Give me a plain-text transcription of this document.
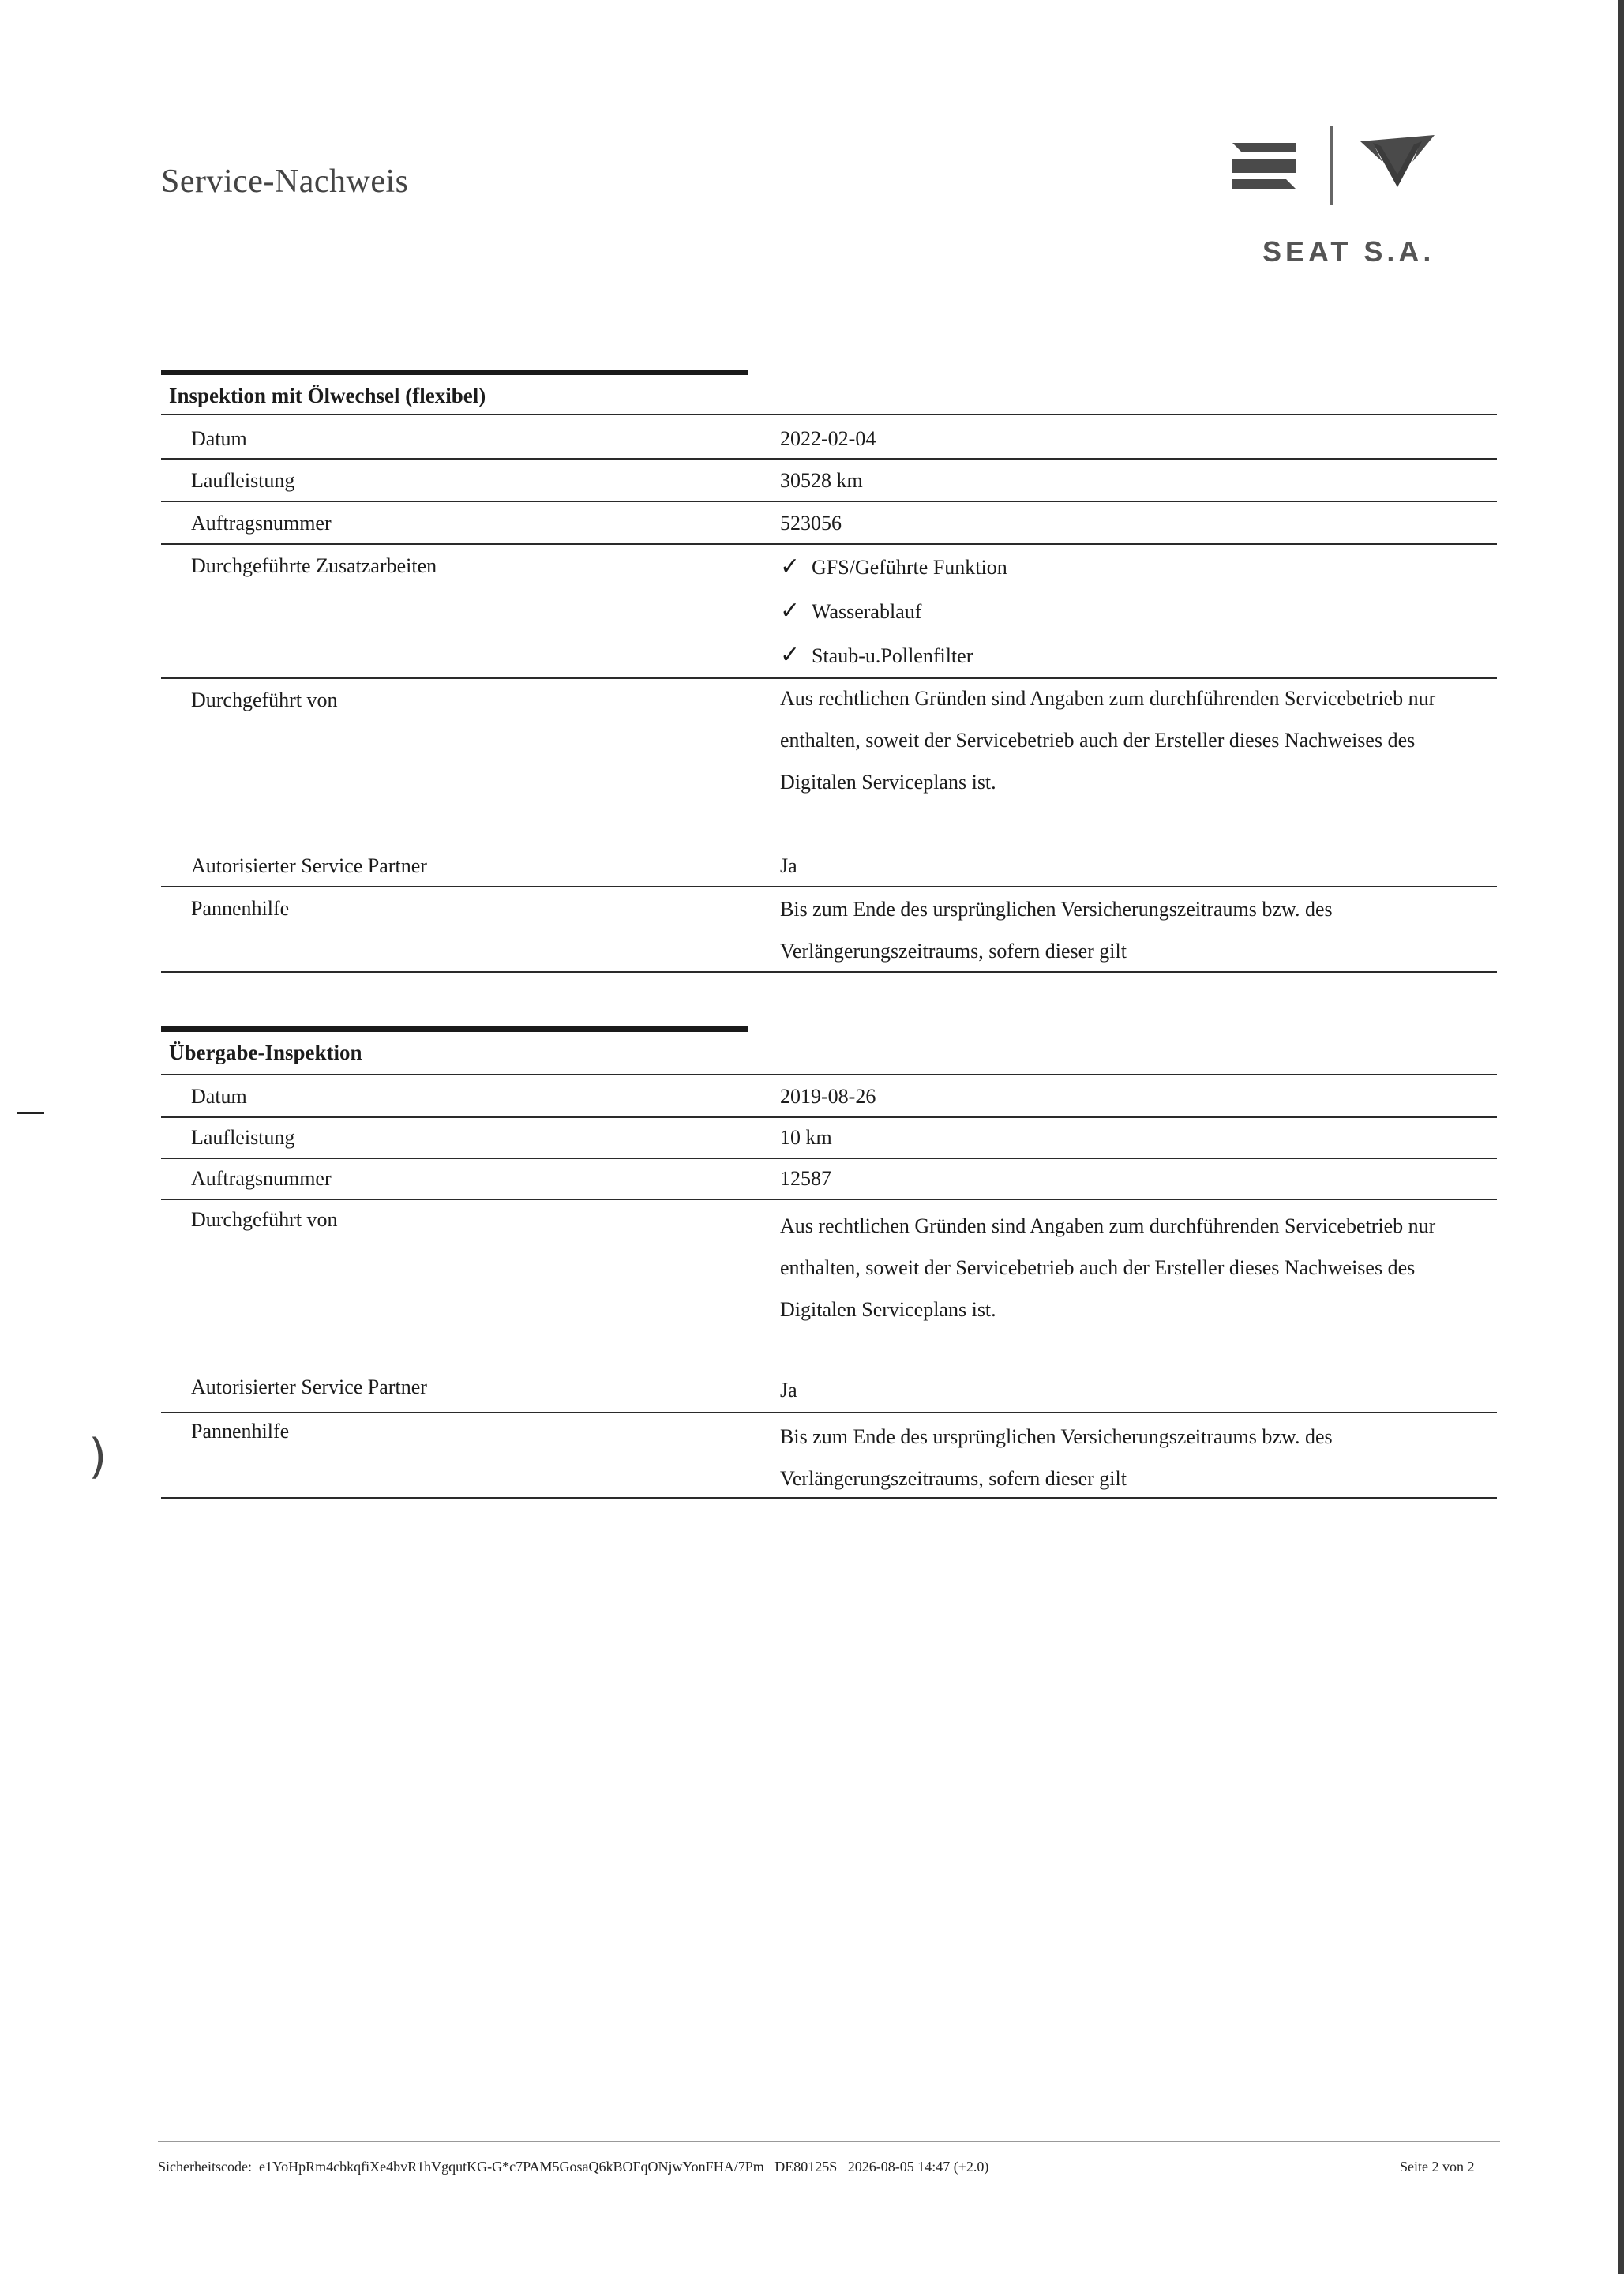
Service-Nachweis
SEAT S.A.
Inspektion mit Ölwechsel (flexibel)
Datum	2022-02-04
Laufleistung	30528 km
Auftragsnummer	523056
Durchgeführte Zusatzarbeiten	✓ GFS/Geführte Funktion
✓ Wasserablauf
✓ Staub-u.Pollenfilter
Durchgeführt von	Aus rechtlichen Gründen sind Angaben zum durchführenden Servicebetrieb nur enthalten, soweit der Servicebetrieb auch der Ersteller dieses Nachweises des Digitalen Serviceplans ist.
Autorisierter Service Partner	Ja
Pannenhilfe	Bis zum Ende des ursprünglichen Versicherungszeitraums bzw. des Verlängerungszeitraums, sofern dieser gilt
Übergabe-Inspektion
Datum	2019-08-26
Laufleistung	10 km
Auftragsnummer	12587
Durchgeführt von	Aus rechtlichen Gründen sind Angaben zum durchführenden Servicebetrieb nur enthalten, soweit der Servicebetrieb auch der Ersteller dieses Nachweises des Digitalen Serviceplans ist.
Autorisierter Service Partner	Ja
Pannenhilfe	Bis zum Ende des ursprünglichen Versicherungszeitraums bzw. des Verlängerungszeitraums, sofern dieser gilt
)
Sicherheitscode: e1YoHpRm4cbkqfiXe4bvR1hVgqutKG-G*c7PAM5GosaQ6kBOFqONjwYonFHA/7Pm DE80125S 2026-08-05 14:47 (+2.0)	Seite 2 von 2
